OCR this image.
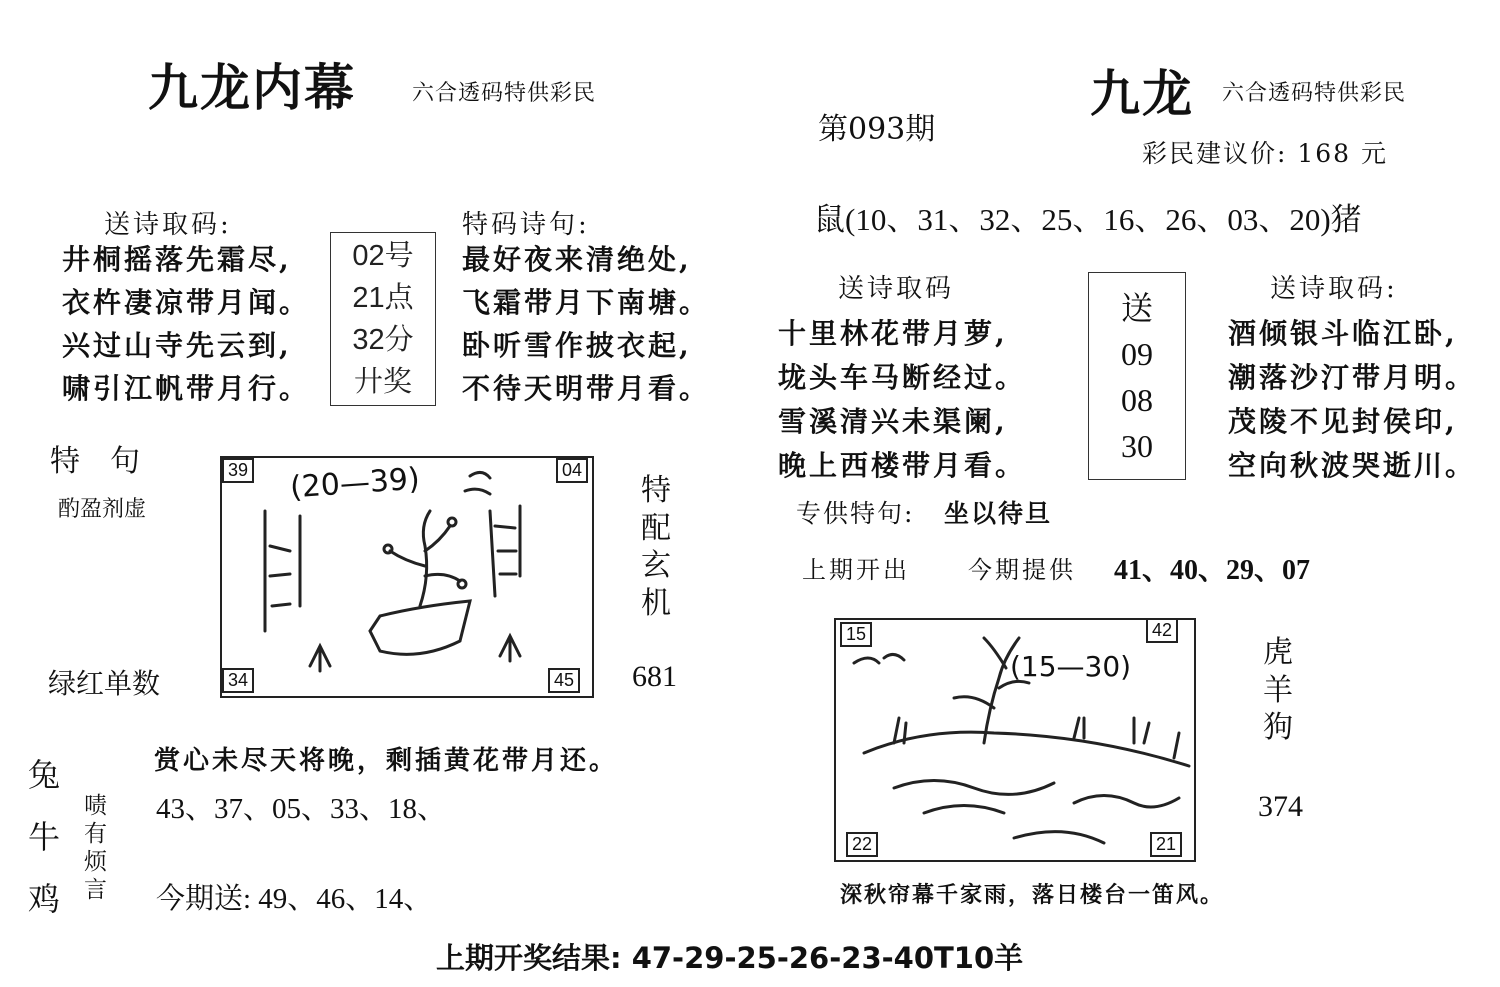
九龙内幕	六合透码特供彩民
送诗取码:
井桐摇落先霜尽,
衣杵凄凉带月闻。
兴过山寺先云到,
啸引江帆带月行。
02号
21点
32分
廾奖
特码诗句:
最好夜来清绝处,
飞霜带月下南塘。
卧听雪作披衣起,
不待天明带月看。
特　句
酌盈剂虚
39	04
34	45
(20—39)	特配玄机
绿红单数	681
兔
牛
鸡
啧
有
烦
言
赏心未尽天将晚，剩插黄花带月还。
43、37、05、33、18、
今期送: 49、46、14、
第093期
九龙 六合透码特供彩民
彩民建议价: 168 元
鼠(10、31、32、25、16、26、03、20)猪
送诗取码
十里林花带月萝,
垅头车马断经过。
雪溪清兴未渠阑,
晚上西楼带月看。
送
09
08
30
送诗取码:
酒倾银斗临江卧,
潮落沙汀带月明。
茂陵不见封侯印,
空向秋波哭逝川。
专供特句: 坐以待旦
上期开出 今期提供 41、40、29、07
15	42
22	21
(15—30)	虎羊狗
374
深秋帘幕千家雨，落日楼台一笛风。
上期开奖结果: 47-29-25-26-23-40T10羊
